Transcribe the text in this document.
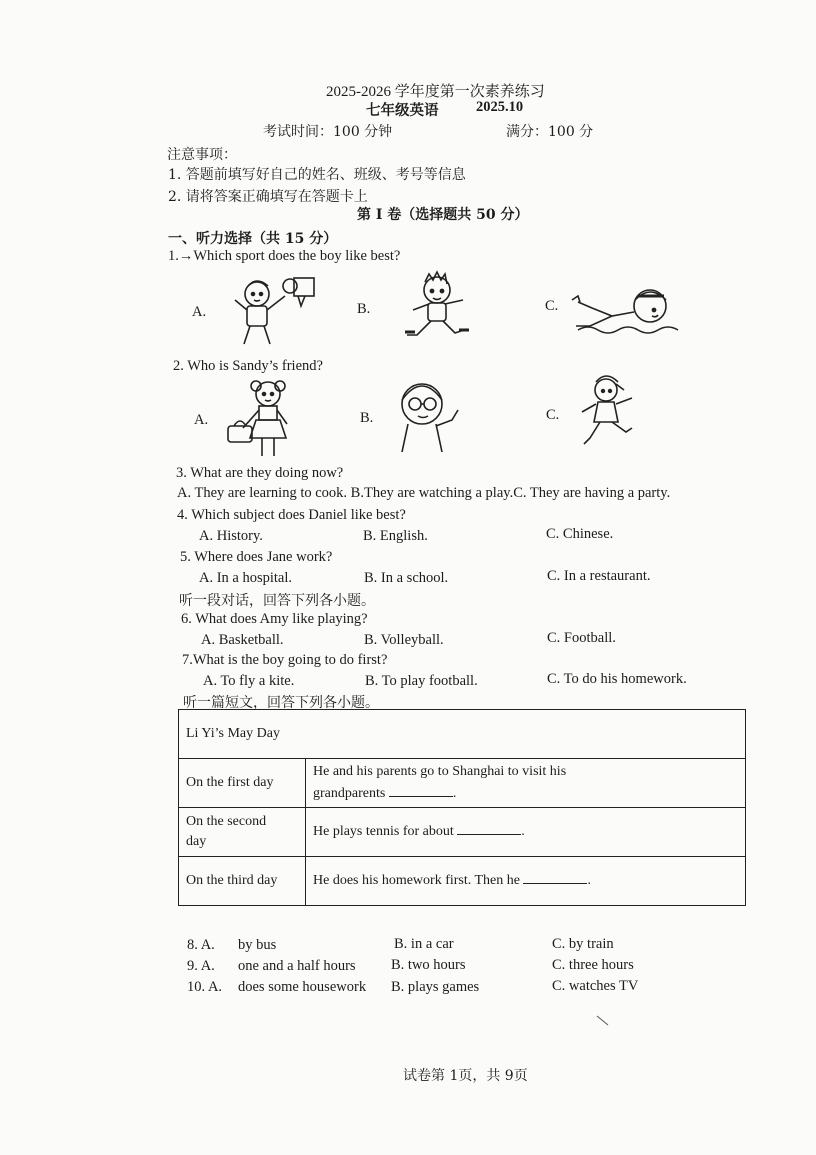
2025-2026 学年度第一次素养练习
七年级英语	2025.10
考试时间：100 分钟	满分：100 分
注意事项：
1. 答题前填写好自己的姓名、班级、考号等信息
2. 请将答案正确填写在答题卡上
第 I 卷（选择题共 50 分）
一、听力选择（共 15 分）
1.→Which sport does the boy like best?
A.	B.	C.
2. Who is Sandy’s friend?
A.	B.	C.
3. What are they doing now?
A. They are learning to cook. B.They are watching a play.C. They are having a party.
4. Which subject does Daniel like best?
A. History.	B. English.	C. Chinese.
5. Where does Jane work?
A. In a hospital.	B. In a school.	C. In a restaurant.
听一段对话，回答下列各小题。
6. What does Amy like playing?
A. Basketball.	B. Volleyball.	C. Football.
7.What is the boy going to do first?
A. To fly a kite.	B. To play football.	C. To do his homework.
听一篇短文，回答下列各小题。
Li Yi’s May Day	
On the first day	He and his parents go to Shanghai to visit his
grandparents .

On the second
day	He plays tennis for about .
On the third day	He does his homework first. Then he .
8. A. by bus	B. in a car	C. by train
9. A. one and a half hours B. two hours	C. three hours
10. A. does some housework B. plays games	C. watches TV
试卷第 1页，共 9页
